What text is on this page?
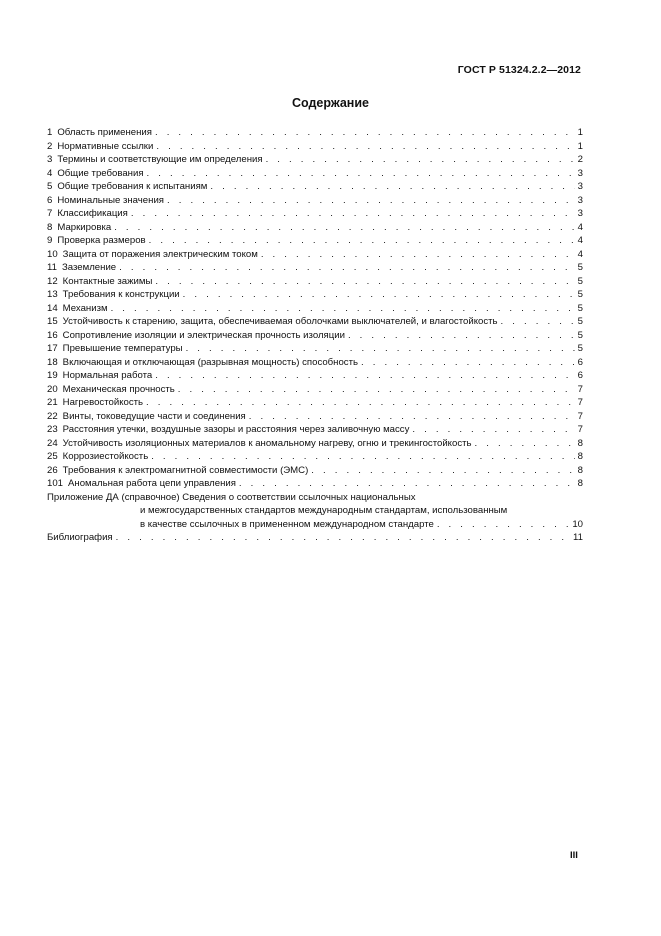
ГОСТ Р 51324.2.2—2012
Содержание
1 Область применения . . .	1
2 Нормативные ссылки . . .	1
3 Термины и соответствующие им определения . . .	2
4 Общие требования . . .	3
5 Общие требования к испытаниям . . .	3
6 Номинальные значения . . .	3
7 Классификация . . .	3
8 Маркировка . . .	4
9 Проверка размеров . . .	4
10 Защита от поражения электрическим током . . .	4
11 Заземление . . .	5
12 Контактные зажимы . . .	5
13 Требования к конструкции . . .	5
14 Механизм . . .	5
15 Устойчивость к старению, защита, обеспечиваемая оболочками выключателей, и влагостойкость . . .	5
16 Сопротивление изоляции и электрическая прочность изоляции . . .	5
17 Превышение температуры . . .	5
18 Включающая и отключающая (разрывная мощность) способность . . .	6
19 Нормальная работа . . .	6
20 Механическая прочность . . .	7
21 Нагревостойкость . . .	7
22 Винты, токоведущие части и соединения . . .	7
23 Расстояния утечки, воздушные зазоры и расстояния через заливочную массу . . .	7
24 Устойчивость изоляционных материалов к аномальному нагреву, огню и трекингостойкость . . .	8
25 Коррозиестойкость . . .	8
26 Требования к электромагнитной совместимости (ЭМС) . . .	8
101 Аномальная работа цепи управления . . .	8
Приложение ДА (справочное) Сведения о соответствии ссылочных национальных
и межгосударственных стандартов международным стандартам, использованным
в качестве ссылочных в примененном международном стандарте . . .	10
Библиография . . .	11
III
